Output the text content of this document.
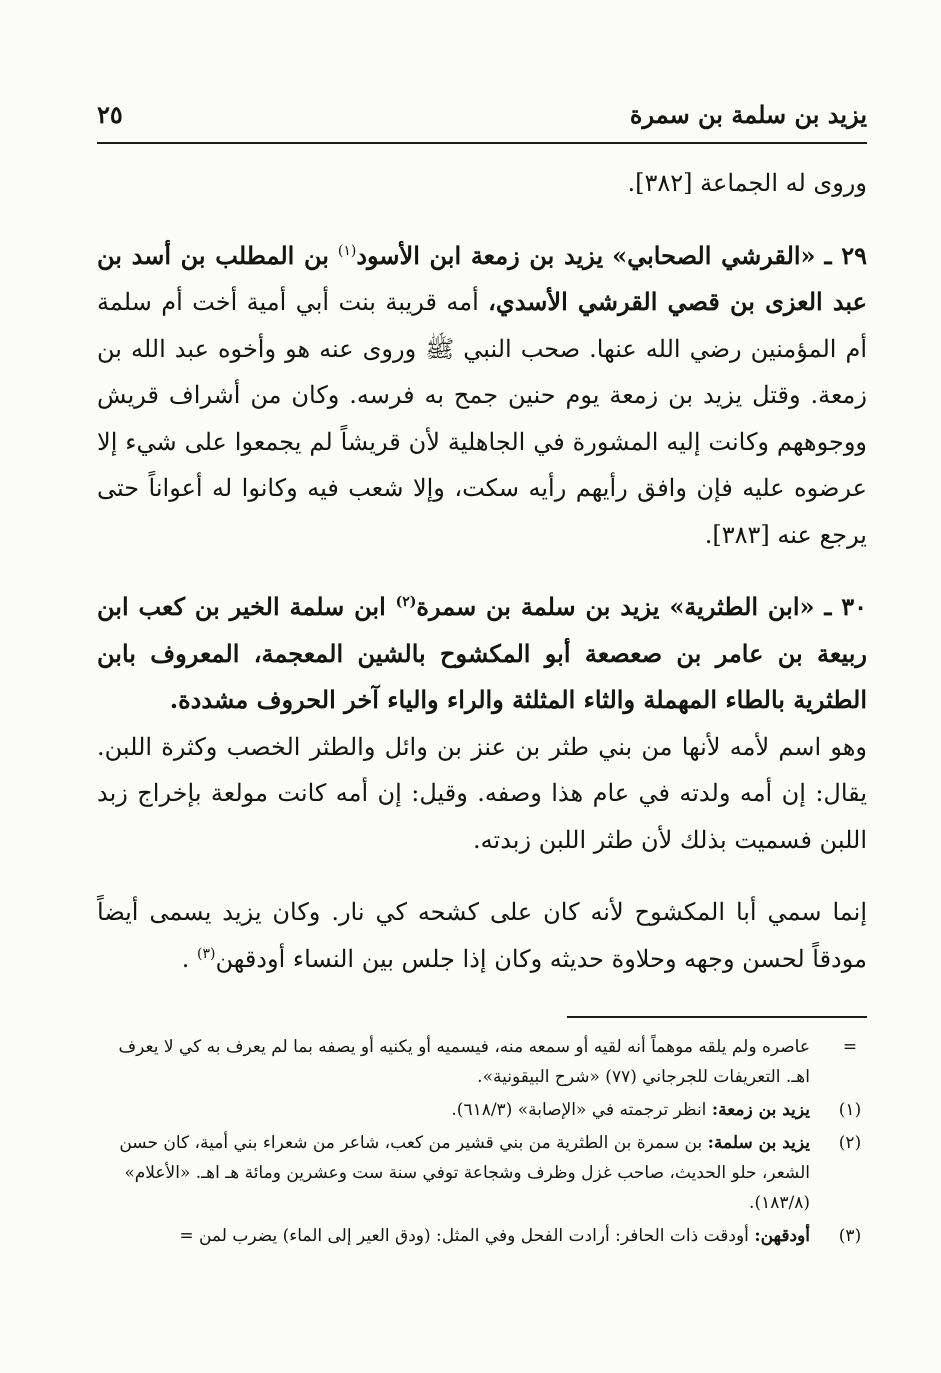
يزيد بن سلمة بن سمرة
٢٥

وروى له الجماعة [٣٨٢].

٢٩ ـ «القرشي الصحابي» يزيد بن زمعة ابن الأسود$^{(١)}$ بن المطلب بن أسد بن عبد العزى بن قصي القرشي الأسدي، أمه قريبة بنت أبي أمية أخت أم سلمة أم المؤمنين رضي الله عنها. صحب النبي ﷺ وروى عنه هو وأخوه عبد الله بن زمعة. وقتل يزيد بن زمعة يوم حنين جمح به فرسه. وكان من أشراف قريش ووجوههم وكانت إليه المشورة في الجاهلية لأن قريشاً لم يجمعوا على شيء إلا عرضوه عليه فإن وافق رأيهم رأيه سكت، وإلا شعب فيه وكانوا له أعواناً حتى يرجع عنه [٣٨٣].

٣٠ ـ «ابن الطثرية» يزيد بن سلمة بن سمرة$^{(٢)}$ ابن سلمة الخير بن كعب ابن ربيعة بن عامر بن صعصعة أبو المكشوح بالشين المعجمة، المعروف بابن الطثرية بالطاء المهملة والثاء المثلثة والراء والياء آخر الحروف مشددة.

وهو اسم لأمه لأنها من بني طثر بن عنز بن وائل والطثر الخصب وكثرة اللبن. يقال: إن أمه ولدته في عام هذا وصفه. وقيل: إن أمه كانت مولعة بإخراج زبد اللبن فسميت بذلك لأن طثر اللبن زبدته.

إنما سمي أبا المكشوح لأنه كان على كشحه كي نار. وكان يزيد يسمى أيضاً مودقاً لحسن وجهه وحلاوة حديثه وكان إذا جلس بين النساء أودقهن$^{(٣)}$ .

=
عاصره ولم يلقه موهماً أنه لقيه أو سمعه منه، فيسميه أو يكنيه أو يصفه بما لم يعرف به كي لا يعرف اهـ. التعريفات للجرجاني (٧٧) «شرح البيقونية».

(١)
يزيد بن زمعة: انظر ترجمته في «الإصابة» (٦١٨/٣).

(٢)
يزيد بن سلمة: بن سمرة بن الطثرية من بني قشير من كعب، شاعر من شعراء بني أمية، كان حسن الشعر، حلو الحديث، صاحب غزل وظرف وشجاعة توفي سنة ست وعشرين ومائة هـ اهـ. «الأعلام» (١٨٣/٨).

(٣)
أودقهن: أودقت ذات الحافر: أرادت الفحل وفي المثل: (ودق العير إلى الماء) يضرب لمن =
